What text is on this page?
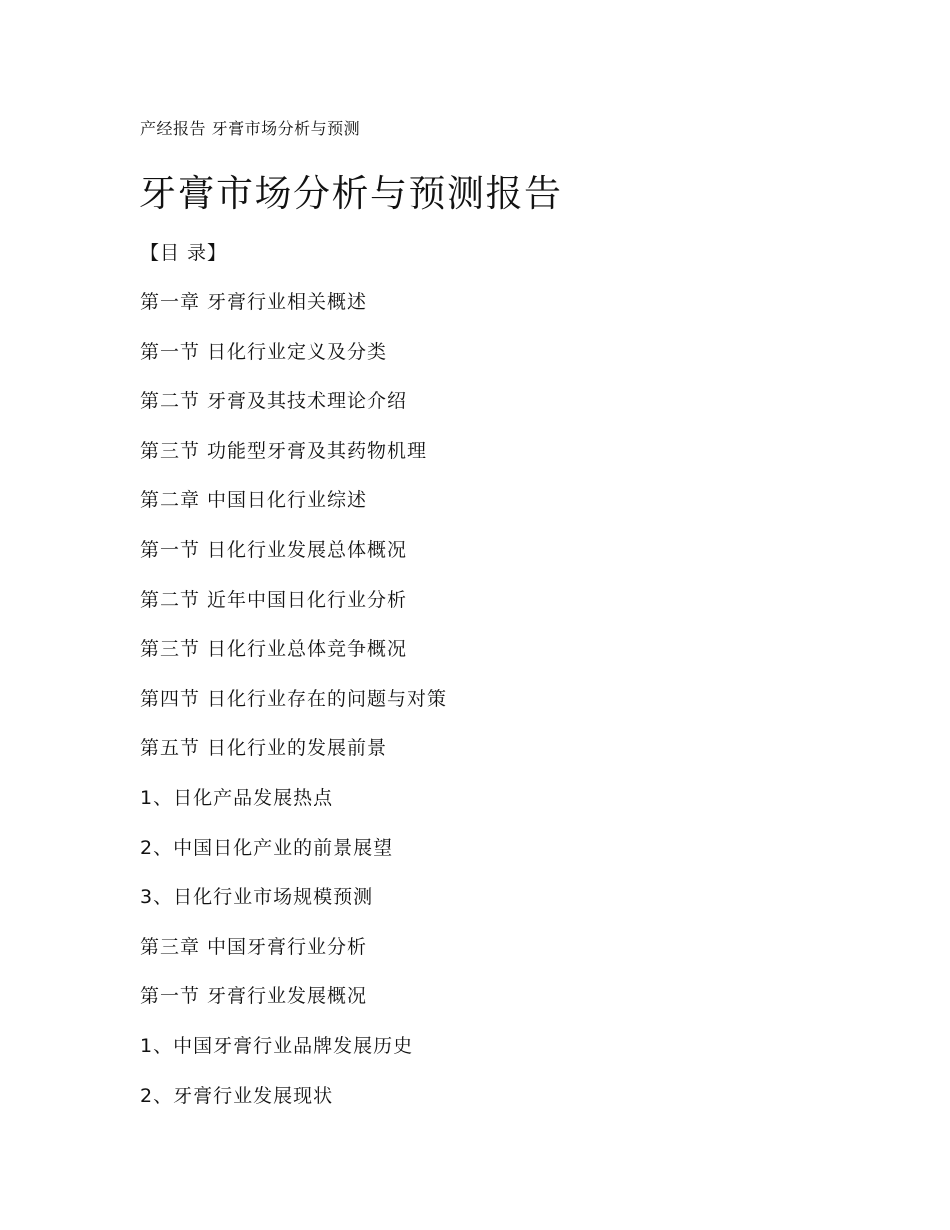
产经报告 牙膏市场分析与预测
牙膏市场分析与预测报告
【目 录】
第一章 牙膏行业相关概述
第一节 日化行业定义及分类
第二节 牙膏及其技术理论介绍
第三节 功能型牙膏及其药物机理
第二章 中国日化行业综述
第一节 日化行业发展总体概况
第二节 近年中国日化行业分析
第三节 日化行业总体竞争概况
第四节 日化行业存在的问题与对策
第五节 日化行业的发展前景
1、日化产品发展热点
2、中国日化产业的前景展望
3、日化行业市场规模预测
第三章 中国牙膏行业分析
第一节 牙膏行业发展概况
1、中国牙膏行业品牌发展历史
2、牙膏行业发展现状
